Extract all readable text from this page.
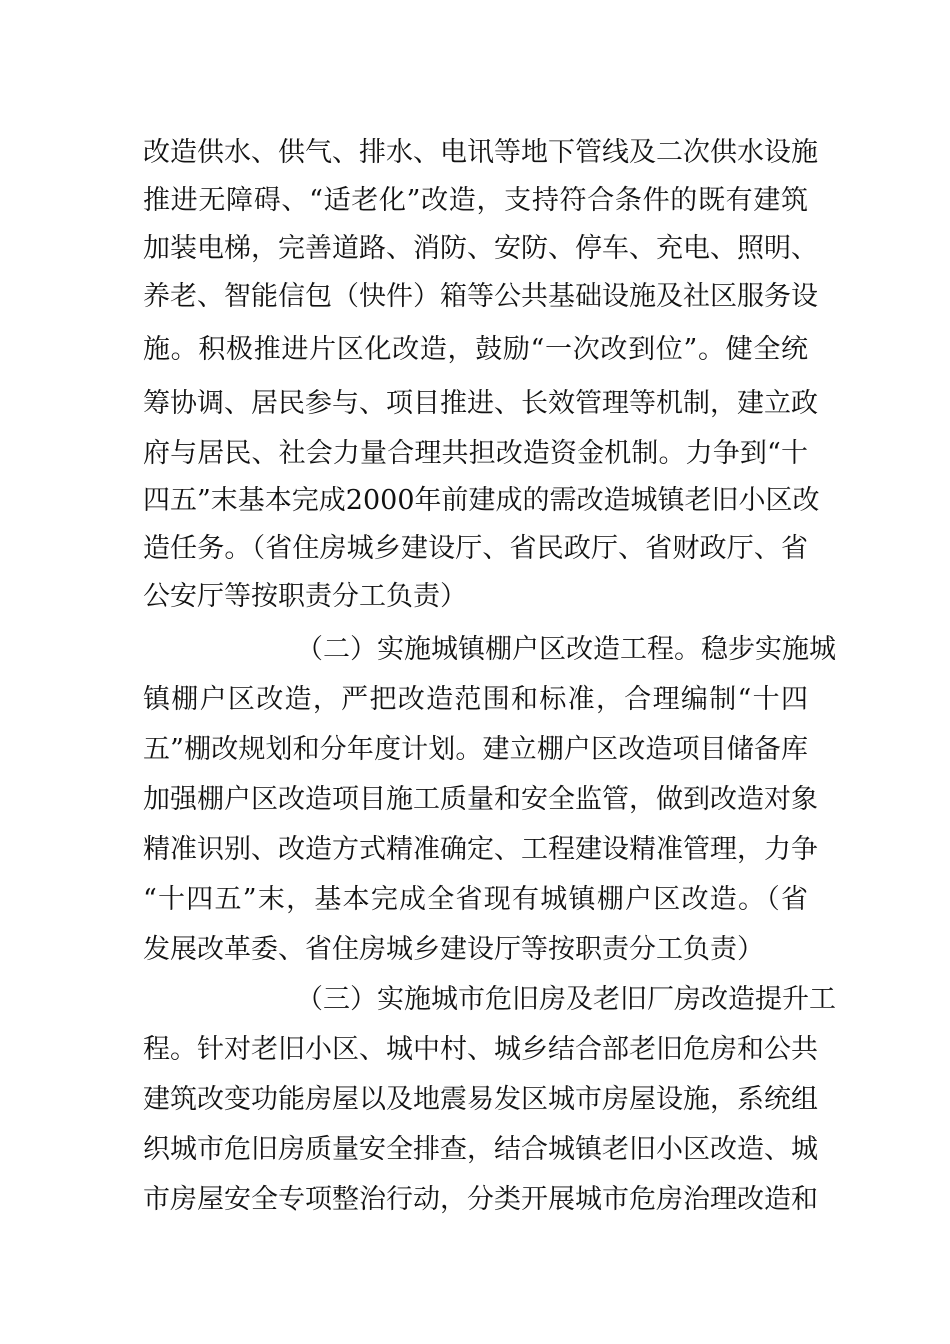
改造供水、供气、排水、电讯等地下管线及二次供水设施
推进无障碍、“适老化”改造，支持符合条件的既有建筑
加装电梯，完善道路、消防、安防、停车、充电、照明、
养老、智能信包（快件）箱等公共基础设施及社区服务设
施。积极推进片区化改造，鼓励“一次改到位”。健全统
筹协调、居民参与、项目推进、长效管理等机制，建立政
府与居民、社会力量合理共担改造资金机制。力争到“十
四五”末基本完成2000年前建成的需改造城镇老旧小区改
造任务。（省住房城乡建设厅、省民政厅、省财政厅、省
公安厅等按职责分工负责）
（二）实施城镇棚户区改造工程。稳步实施城
镇棚户区改造，严把改造范围和标准，合理编制“十四
五”棚改规划和分年度计划。建立棚户区改造项目储备库
加强棚户区改造项目施工质量和安全监管，做到改造对象
精准识别、改造方式精准确定、工程建设精准管理，力争
“十四五”末，基本完成全省现有城镇棚户区改造。（省
发展改革委、省住房城乡建设厅等按职责分工负责）
（三）实施城市危旧房及老旧厂房改造提升工
程。针对老旧小区、城中村、城乡结合部老旧危房和公共
建筑改变功能房屋以及地震易发区城市房屋设施，系统组
织城市危旧房质量安全排查，结合城镇老旧小区改造、城
市房屋安全专项整治行动，分类开展城市危房治理改造和
